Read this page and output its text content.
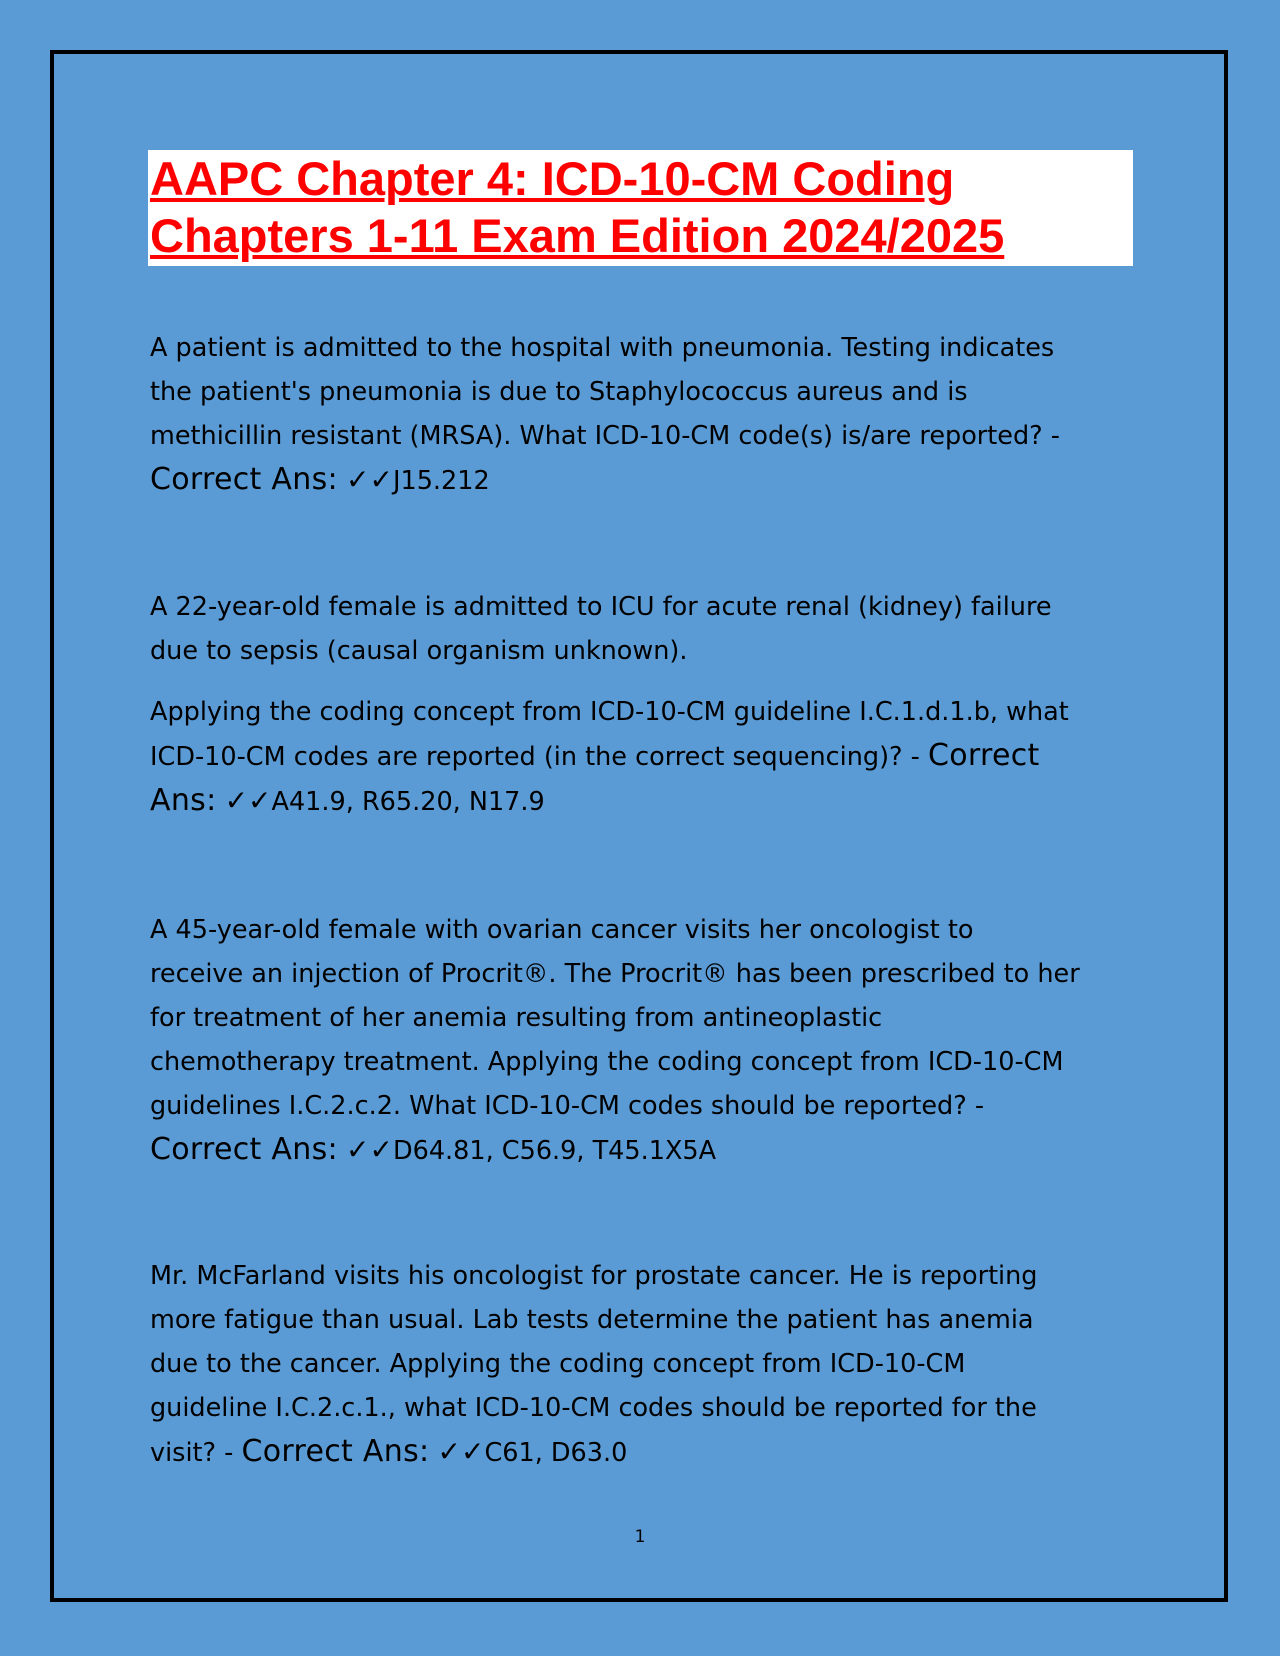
AAPC Chapter 4: ICD-10-CM Coding
Chapters 1-11 Exam Edition 2024/2025

A patient is admitted to the hospital with pneumonia. Testing indicates
the patient's pneumonia is due to Staphylococcus aureus and is
methicillin resistant (MRSA). What ICD-10-CM code(s) is/are reported? -
Correct Ans: ✓✓J15.212

A 22-year-old female is admitted to ICU for acute renal (kidney) failure
due to sepsis (causal organism unknown).

Applying the coding concept from ICD-10-CM guideline I.C.1.d.1.b, what
ICD-10-CM codes are reported (in the correct sequencing)? - Correct
Ans: ✓✓A41.9, R65.20, N17.9

A 45-year-old female with ovarian cancer visits her oncologist to
receive an injection of Procrit®. The Procrit® has been prescribed to her
for treatment of her anemia resulting from antineoplastic
chemotherapy treatment. Applying the coding concept from ICD-10-CM
guidelines I.C.2.c.2. What ICD-10-CM codes should be reported? -
Correct Ans: ✓✓D64.81, C56.9, T45.1X5A

Mr. McFarland visits his oncologist for prostate cancer. He is reporting
more fatigue than usual. Lab tests determine the patient has anemia
due to the cancer. Applying the coding concept from ICD-10-CM
guideline I.C.2.c.1., what ICD-10-CM codes should be reported for the
visit? - Correct Ans: ✓✓C61, D63.0

1
